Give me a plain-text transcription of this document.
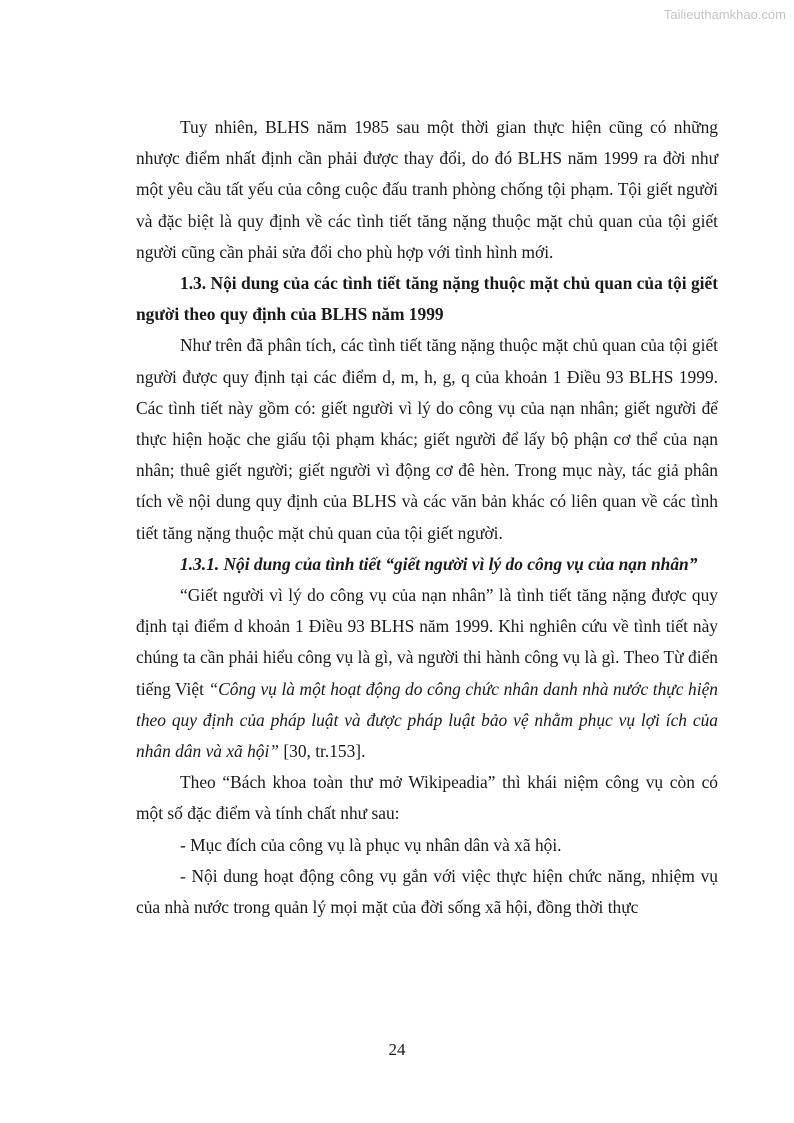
Tailieuthamkhao.com

Tuy nhiên, BLHS năm 1985 sau một thời gian thực hiện cũng có những nhược điểm nhất định cần phải được thay đổi, do đó BLHS năm 1999 ra đời như một yêu cầu tất yếu của công cuộc đấu tranh phòng chống tội phạm. Tội giết người và đặc biệt là quy định về các tình tiết tăng nặng thuộc mặt chủ quan của tội giết người cũng cần phải sửa đổi cho phù hợp với tình hình mới.

1.3. Nội dung của các tình tiết tăng nặng thuộc mặt chủ quan của tội giết người theo quy định của BLHS năm 1999

Như trên đã phân tích, các tình tiết tăng nặng thuộc mặt chủ quan của tội giết người được quy định tại các điểm d, m, h, g, q của khoản 1 Điều 93 BLHS 1999. Các tình tiết này gồm có: giết người vì lý do công vụ của nạn nhân; giết người để thực hiện hoặc che giấu tội phạm khác; giết người để lấy bộ phận cơ thể của nạn nhân; thuê giết người; giết người vì động cơ đê hèn. Trong mục này, tác giả phân tích về nội dung quy định của BLHS và các văn bản khác có liên quan về các tình tiết tăng nặng thuộc mặt chủ quan của tội giết người.

1.3.1. Nội dung của tình tiết “giết người vì lý do công vụ của nạn nhân”

“Giết người vì lý do công vụ của nạn nhân” là tình tiết tăng nặng được quy định tại điểm d khoản 1 Điều 93 BLHS năm 1999. Khi nghiên cứu về tình tiết này chúng ta cần phải hiểu công vụ là gì, và người thi hành công vụ là gì. Theo Từ điển tiếng Việt “Công vụ là một hoạt động do công chức nhân danh nhà nước thực hiện theo quy định của pháp luật và được pháp luật bảo vệ nhằm phục vụ lợi ích của nhân dân và xã hội” [30, tr.153].

Theo “Bách khoa toàn thư mở Wikipeadia” thì khái niệm công vụ còn có một số đặc điểm và tính chất như sau:

- Mục đích của công vụ là phục vụ nhân dân và xã hội.

- Nội dung hoạt động công vụ gắn với việc thực hiện chức năng, nhiệm vụ của nhà nước trong quản lý mọi mặt của đời sống xã hội, đồng thời thực

24
